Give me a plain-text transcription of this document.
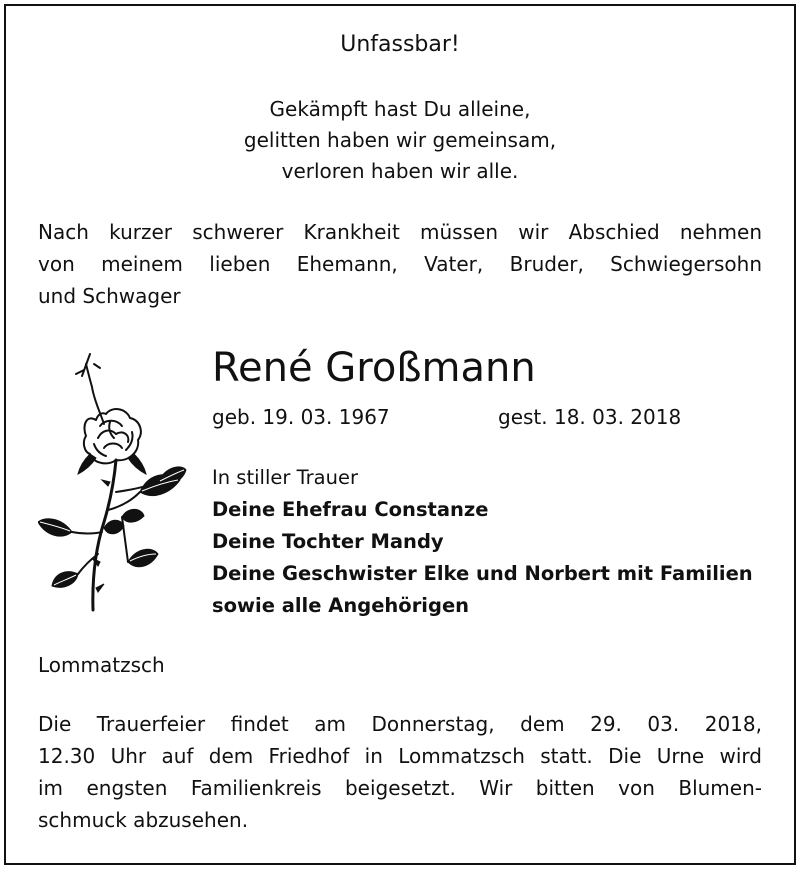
Unfassbar!
Gekämpft hast Du alleine,
gelitten haben wir gemeinsam,
verloren haben wir alle.
Nach kurzer schwerer Krankheit müssen wir Abschied nehmen
von meinem lieben Ehemann, Vater, Bruder, Schwiegersohn
und Schwager
René Großmann
geb. 19. 03. 1967	gest. 18. 03. 2018
In stiller Trauer
Deine Ehefrau Constanze
Deine Tochter Mandy
Deine Geschwister Elke und Norbert mit Familien
sowie alle Angehörigen
Lommatzsch
Die Trauerfeier findet am Donnerstag, dem 29. 03. 2018,
12.30 Uhr auf dem Friedhof in Lommatzsch statt. Die Urne wird
im engsten Familienkreis beigesetzt. Wir bitten von Blumen-
schmuck abzusehen.
